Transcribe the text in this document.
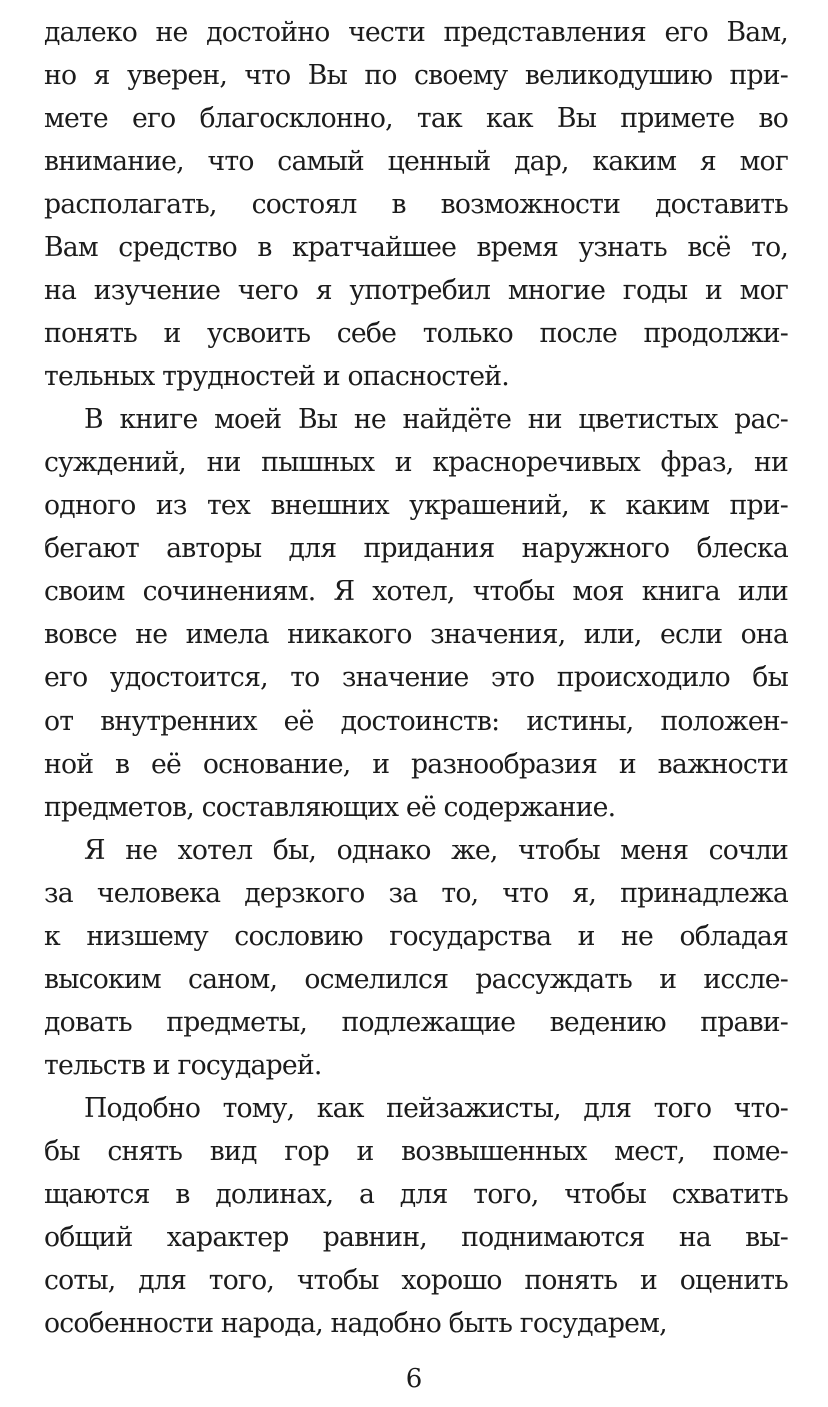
далеко не достойно чести представления его Вам,
но я уверен, что Вы по своему великодушию при-
мете его благосклонно, так как Вы примете во
внимание, что самый ценный дар, каким я мог
располагать, состоял в возможности доставить
Вам средство в кратчайшее время узнать всё то,
на изучение чего я употребил многие годы и мог
понять и усвоить себе только после продолжи-
тельных трудностей и опасностей.
В книге моей Вы не найдёте ни цветистых рас-
суждений, ни пышных и красноречивых фраз, ни
одного из тех внешних украшений, к каким при-
бегают авторы для придания наружного блеска
своим сочинениям. Я хотел, чтобы моя книга или
вовсе не имела никакого значения, или, если она
его удостоится, то значение это происходило бы
от внутренних её достоинств: истины, положен-
ной в её основание, и разнообразия и важности
предметов, составляющих её содержание.
Я не хотел бы, однако же, чтобы меня сочли
за человека дерзкого за то, что я, принадлежа
к низшему сословию государства и не обладая
высоким саном, осмелился рассуждать и иссле-
довать предметы, подлежащие ведению прави-
тельств и государей.
Подобно тому, как пейзажисты, для того что-
бы снять вид гор и возвышенных мест, поме-
щаются в долинах, а для того, чтобы схватить
общий характер равнин, поднимаются на вы-
соты, для того, чтобы хорошо понять и оценить
особенности народа, надобно быть государем,
6
